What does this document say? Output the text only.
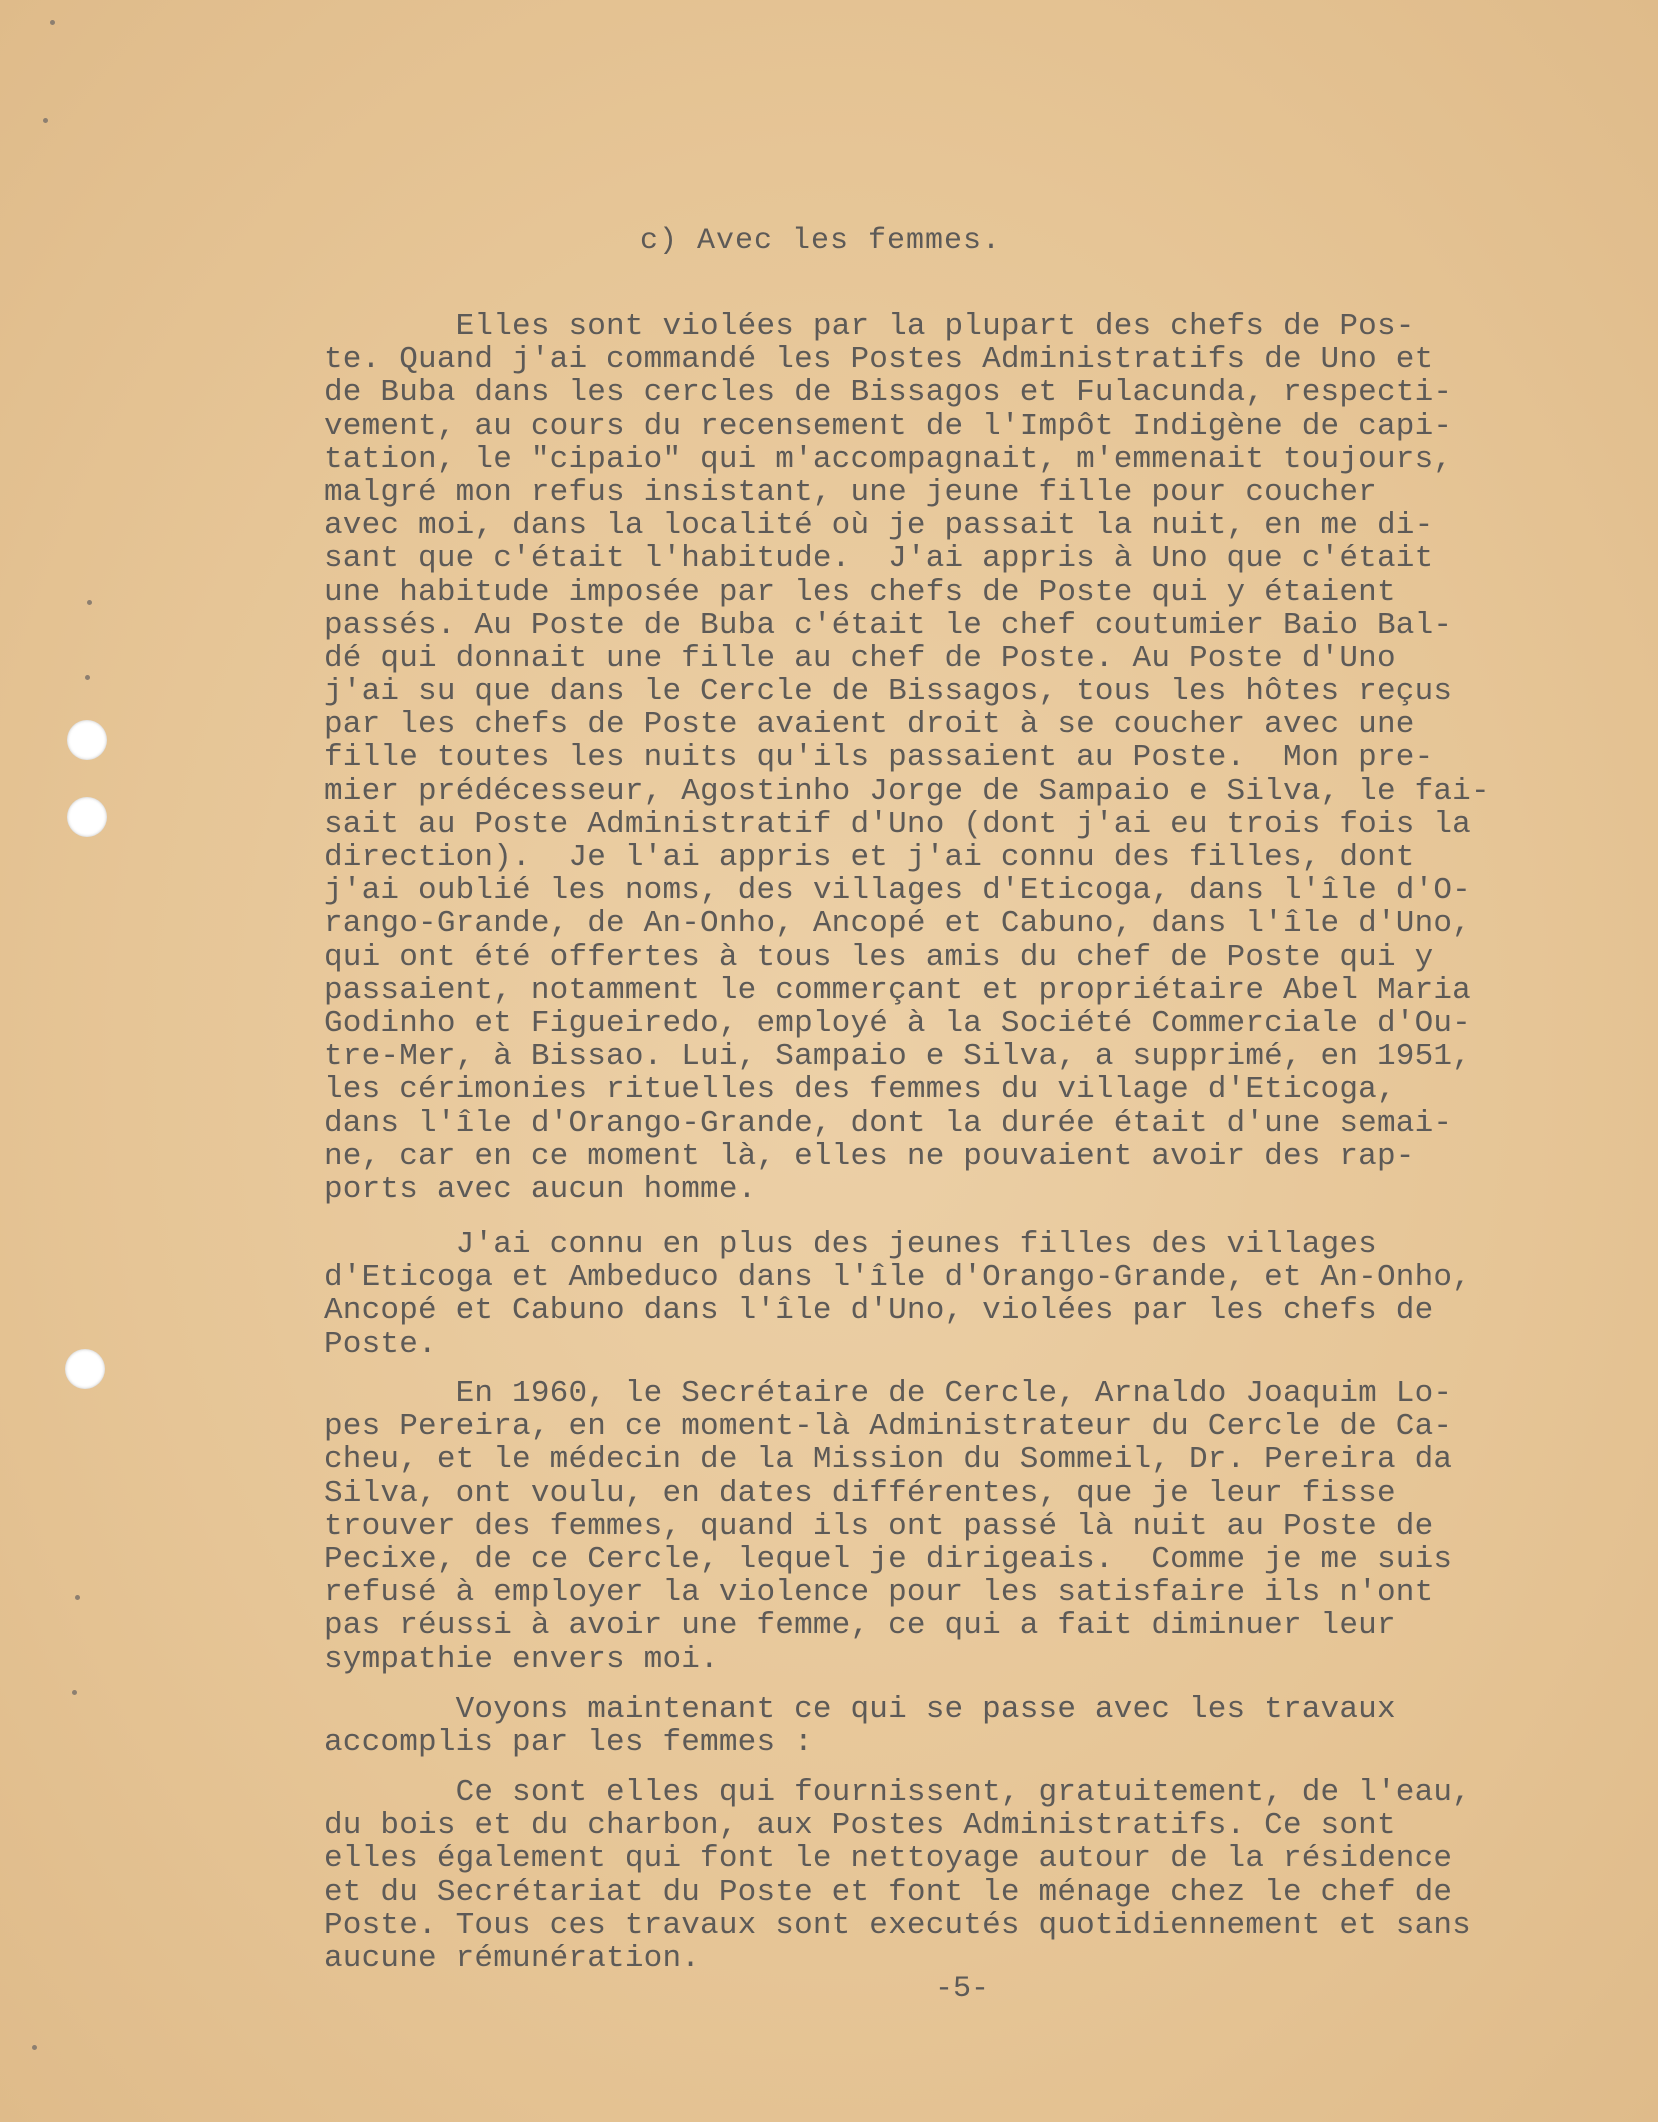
c) Avec les femmes.
Elles sont violées par la plupart des chefs de Pos-
te. Quand j'ai commandé les Postes Administratifs de Uno et
de Buba dans les cercles de Bissagos et Fulacunda, respecti-
vement, au cours du recensement de l'Impôt Indigène de capi-
tation, le "cipaio" qui m'accompagnait, m'emmenait toujours,
malgré mon refus insistant, une jeune fille pour coucher
avec moi, dans la localité où je passait la nuit, en me di-
sant que c'était l'habitude.  J'ai appris à Uno que c'était
une habitude imposée par les chefs de Poste qui y étaient
passés. Au Poste de Buba c'était le chef coutumier Baio Bal-
dé qui donnait une fille au chef de Poste. Au Poste d'Uno
j'ai su que dans le Cercle de Bissagos, tous les hôtes reçus
par les chefs de Poste avaient droit à se coucher avec une
fille toutes les nuits qu'ils passaient au Poste.  Mon pre-
mier prédécesseur, Agostinho Jorge de Sampaio e Silva, le fai-
sait au Poste Administratif d'Uno (dont j'ai eu trois fois la
direction).  Je l'ai appris et j'ai connu des filles, dont
j'ai oublié les noms, des villages d'Eticoga, dans l'île d'O-
rango-Grande, de An-Onho, Ancopé et Cabuno, dans l'île d'Uno,
qui ont été offertes à tous les amis du chef de Poste qui y
passaient, notamment le commerçant et propriétaire Abel Maria
Godinho et Figueiredo, employé à la Société Commerciale d'Ou-
tre-Mer, à Bissao. Lui, Sampaio e Silva, a supprimé, en 1951,
les cérimonies rituelles des femmes du village d'Eticoga,
dans l'île d'Orango-Grande, dont la durée était d'une semai-
ne, car en ce moment là, elles ne pouvaient avoir des rap-
ports avec aucun homme.
J'ai connu en plus des jeunes filles des villages
d'Eticoga et Ambeduco dans l'île d'Orango-Grande, et An-Onho,
Ancopé et Cabuno dans l'île d'Uno, violées par les chefs de
Poste.
En 1960, le Secrétaire de Cercle, Arnaldo Joaquim Lo-
pes Pereira, en ce moment-là Administrateur du Cercle de Ca-
cheu, et le médecin de la Mission du Sommeil, Dr. Pereira da
Silva, ont voulu, en dates différentes, que je leur fisse
trouver des femmes, quand ils ont passé là nuit au Poste de
Pecixe, de ce Cercle, lequel je dirigeais.  Comme je me suis
refusé à employer la violence pour les satisfaire ils n'ont
pas réussi à avoir une femme, ce qui a fait diminuer leur
sympathie envers moi.
Voyons maintenant ce qui se passe avec les travaux
accomplis par les femmes :
Ce sont elles qui fournissent, gratuitement, de l'eau,
du bois et du charbon, aux Postes Administratifs. Ce sont
elles également qui font le nettoyage autour de la résidence
et du Secrétariat du Poste et font le ménage chez le chef de
Poste. Tous ces travaux sont executés quotidiennement et sans
aucune rémunération.
-5-
